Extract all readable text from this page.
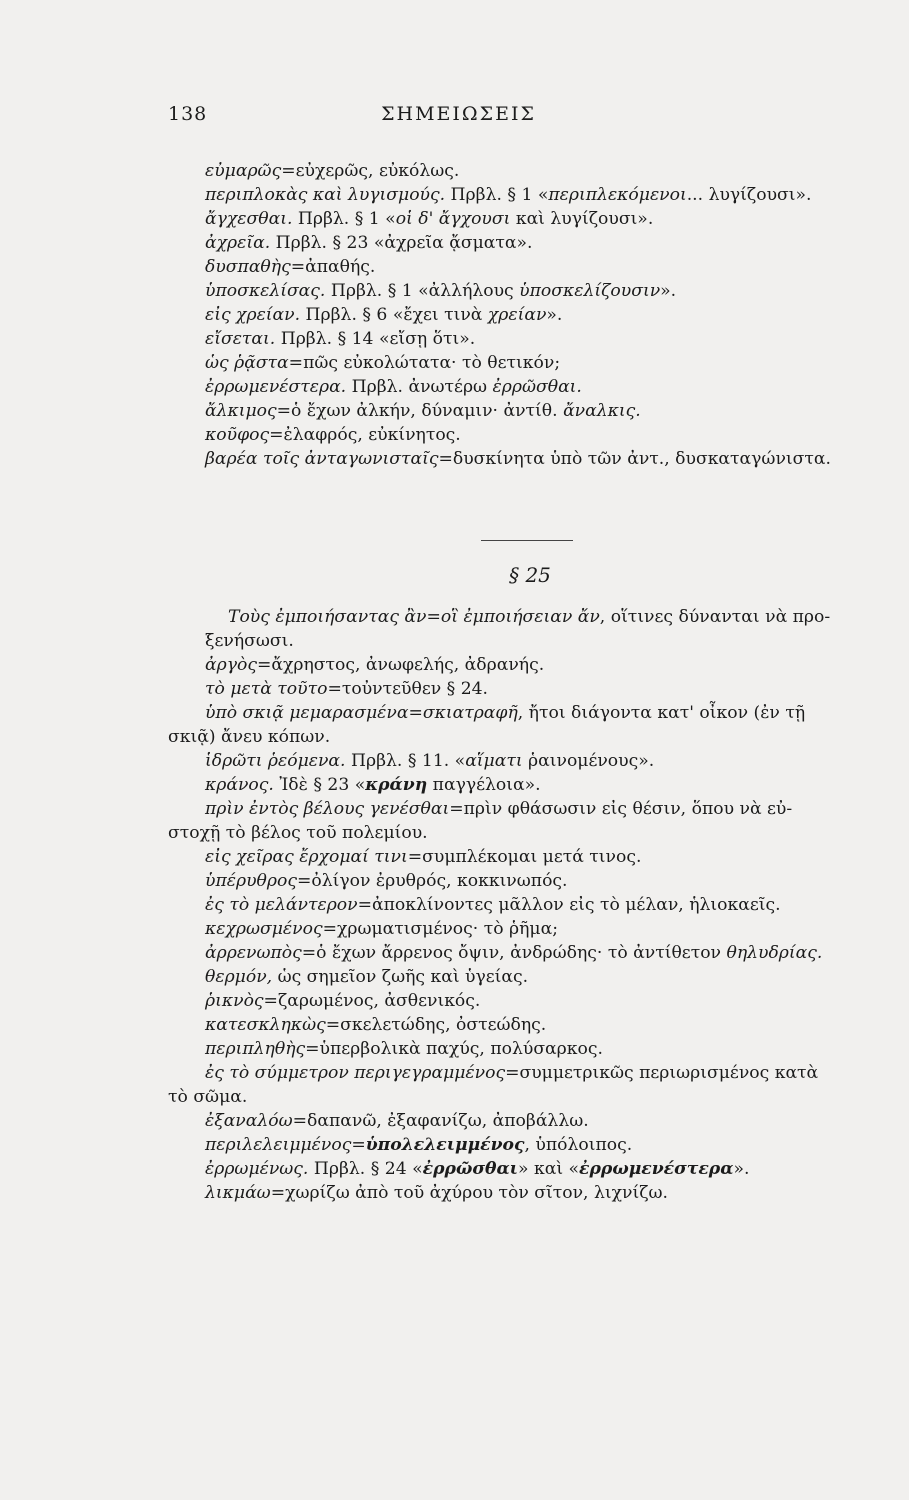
138	ΣΗΜΕΙΩΣΕΙΣ
εὐμαρῶς=εὐχερῶς, εὐκόλως.
περιπλοκὰς καὶ λυγισμούς. Πρβλ. § 1 «περιπλεκόμενοι... λυγίζουσι».
ἄγχεσθαι. Πρβλ. § 1 «οἱ δ' ἄγχουσι καὶ λυγίζουσι».
ἀχρεῖα. Πρβλ. § 23 «ἀχρεῖα ᾄσματα».
δυσπαθὴς=ἀπαθής.
ὑποσκελίσας. Πρβλ. § 1 «ἀλλήλους ὑποσκελίζουσιν».
εἰς χρείαν. Πρβλ. § 6 «ἔχει τινὰ χρείαν».
εἴσεται. Πρβλ. § 14 «εἴσῃ ὅτι».
ὡς ῥᾷστα=πῶς εὐκολώτατα· τὸ θετικόν;
ἐρρωμενέστερα. Πρβλ. ἀνωτέρω ἐρρῶσθαι.
ἄλκιμος=ὁ ἔχων ἀλκήν, δύναμιν· ἀντίθ. ἄναλκις.
κοῦφος=ἐλαφρός, εὐκίνητος.
βαρέα τοῖς ἀνταγωνισταῖς=δυσκίνητα ὑπὸ τῶν ἀντ., δυσκαταγώνιστα.
Τοὺς ἐμποιήσαντας ἂν=οἳ ἐμποιήσειαν ἄν, οἵτινες δύνανται νὰ προ-
ξενήσωσι.
ἀργὸς=ἄχρηστος, ἀνωφελής, ἀδρανής.
τὸ μετὰ τοῦτο=τοὐντεῦθεν § 24.
ὑπὸ σκιᾷ μεμαρασμένα=σκιατραφῆ, ἤτοι διάγοντα κατ' οἶκον (ἐν τῇ
σκιᾷ) ἄνευ κόπων.
ἱδρῶτι ῥεόμενα. Πρβλ. § 11. «αἵματι ῥαινομένους».
κράνος. Ἰδὲ § 23 «κράνη παγγέλοια».
πρὶν ἐντὸς βέλους γενέσθαι=πρὶν φθάσωσιν εἰς θέσιν, ὅπου νὰ εὐ-
στοχῇ τὸ βέλος τοῦ πολεμίου.
εἰς χεῖρας ἔρχομαί τινι=συμπλέκομαι μετά τινος.
ὑπέρυθρος=ὀλίγον ἐρυθρός, κοκκινωπός.
ἐς τὸ μελάντερον=ἀποκλίνοντες μᾶλλον εἰς τὸ μέλαν, ἡλιοκαεῖς.
κεχρωσμένος=χρωματισμένος· τὸ ῥῆμα;
ἀρρενωπὸς=ὁ ἔχων ἄρρενος ὄψιν, ἀνδρώδης· τὸ ἀντίθετον θηλυδρίας.
θερμόν, ὡς σημεῖον ζωῆς καὶ ὑγείας.
ῥικνὸς=ζαρωμένος, ἀσθενικός.
κατεσκληκὼς=σκελετώδης, ὀστεώδης.
περιπληθὴς=ὑπερβολικὰ παχύς, πολύσαρκος.
ἐς τὸ σύμμετρον περιγεγραμμένος=συμμετρικῶς περιωρισμένος κατὰ
τὸ σῶμα.
ἐξαναλόω=δαπανῶ, ἐξαφανίζω, ἀποβάλλω.
περιλελειμμένος=ὑπολελειμμένος, ὑπόλοιπος.
ἐρρωμένως. Πρβλ. § 24 «ἐρρῶσθαι» καὶ «ἐρρωμενέστερα».
λικμάω=χωρίζω ἀπὸ τοῦ ἀχύρου τὸν σῖτον, λιχνίζω.
§ 25
